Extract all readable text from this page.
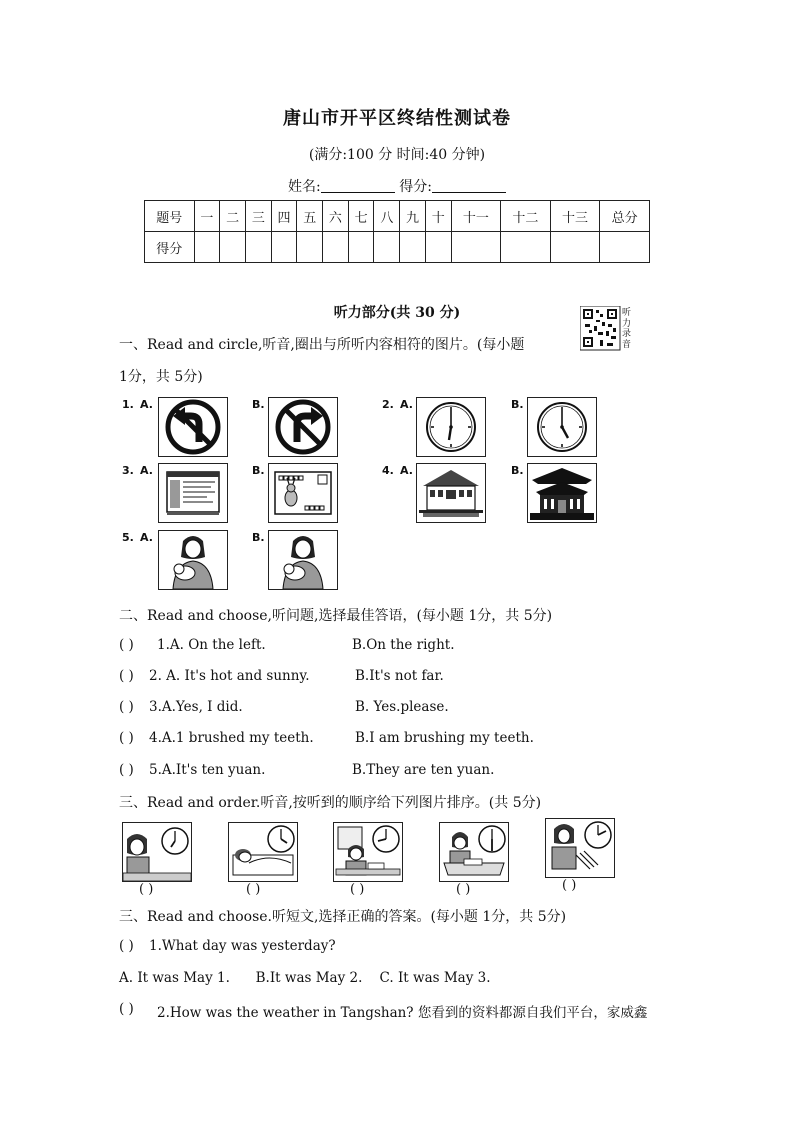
唐山市开平区终结性测试卷
(满分:100 分 时间:40 分钟)
姓名:	得分:
题号	一	二	三	四	五	六	七	八	九	十	十一	十二	十三	总分
得分														
听力部分(共 30 分)	听力录音
一、Read and circle,听音,圈出与所听内容相符的图片。(每小题
1分，共 5分)
1. A.	B.	2. A.	B.
3. A.	B.	4. A.	B.
5. A.	B.
二、Read and choose,听问题,选择最佳答语，(每小题 1分，共 5分)
( ) 1.A. On the left.	B.On the right.
( ) 2. A. It's hot and sunny.	B.It's not far.
( ) 3.A.Yes, I did.	B. Yes.please.
( ) 4.A.1 brushed my teeth.	B.I am brushing my teeth.
( ) 5.A.It's ten yuan.	B.They are ten yuan.
三、Read and order.听音,按听到的顺序给下列图片排序。(共 5分)
( )	( )	( )	( )	( )
三、Read and choose.听短文,选择正确的答案。(每小题 1分，共 5分)
( ) 1.What day was yesterday?
A. It was May 1.      B.It was May 2.    C. It was May 3.
( ) 2.How was the weather in Tangshan? 您看到的资料都源自我们平台，家威鑫
